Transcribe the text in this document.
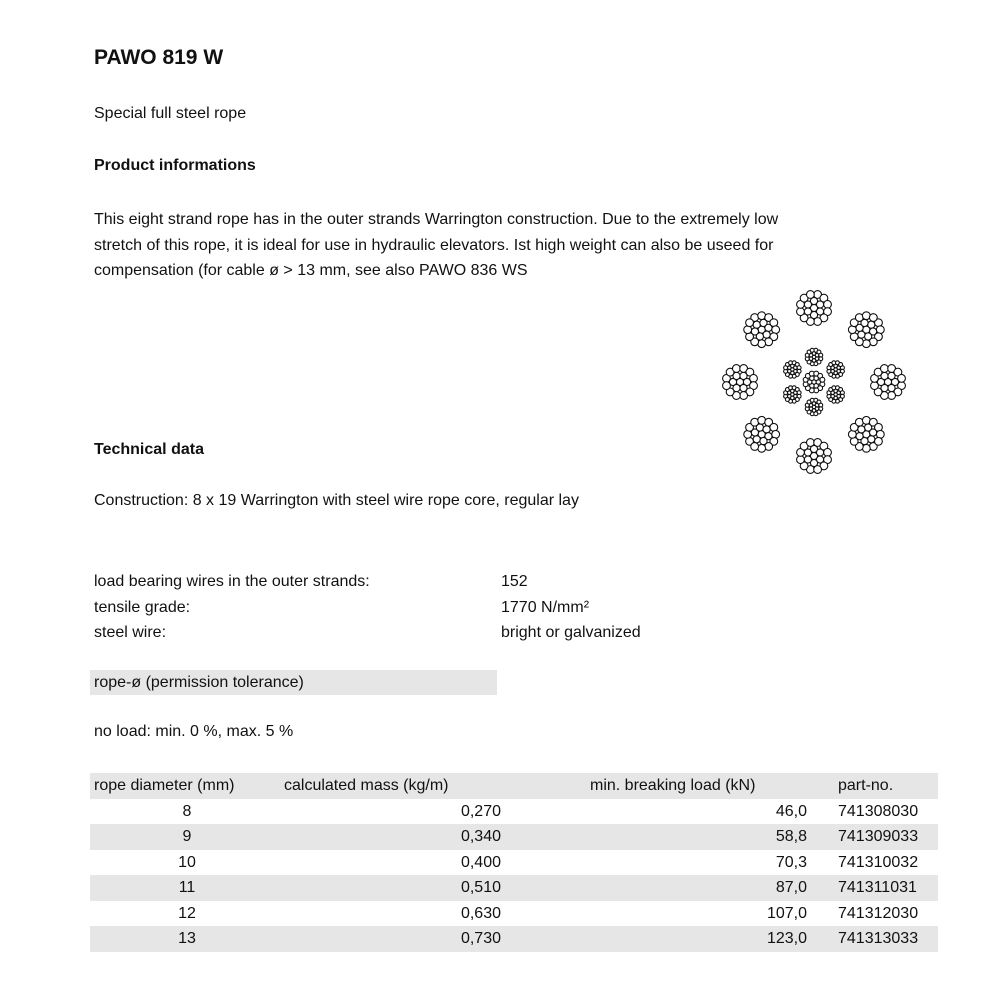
PAWO 819 W
Special full steel rope
Product informations
This eight strand rope has in the outer strands Warrington construction. Due to the extremely low
stretch of this rope, it is ideal for use in hydraulic elevators. Ist high weight can also be useed for
compensation (for cable ø > 13 mm, see also PAWO 836 WS
Technical data
Construction: 8 x 19 Warrington with steel wire rope core, regular lay
load bearing wires in the outer strands:	152
tensile grade:	1770 N/mm²
steel wire:	bright or galvanized
rope-ø (permission tolerance)
no load: min. 0 %, max. 5 %
rope diameter (mm)	calculated mass (kg/m)	min. breaking load (kN)	part-no.
8	0,270	46,0	741308030
9	0,340	58,8	741309033
10	0,400	70,3	741310032
11	0,510	87,0	741311031
12	0,630	107,0	741312030
13	0,730	123,0	741313033
